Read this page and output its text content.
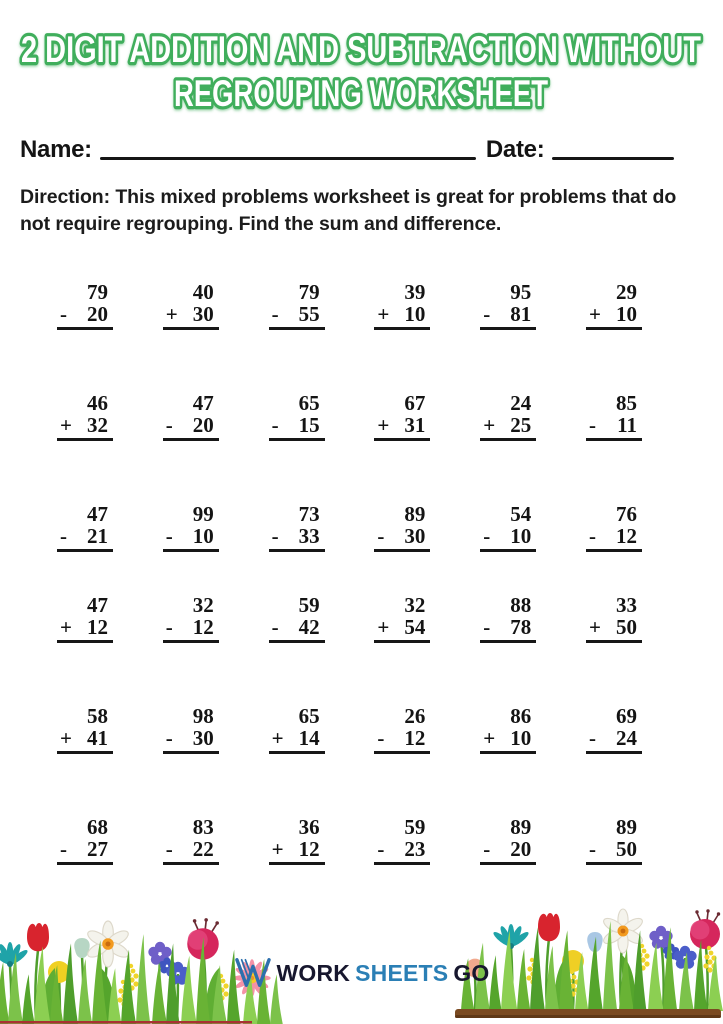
2 DIGIT ADDITION AND SUBTRACTION WITHOUT
REGROUPING WORKSHEET
Name:	Date:

Direction: This mixed problems worksheet is great for problems that do not require regrouping. Find the sum and difference.

79
- 20
40
+ 30
79
- 55
39
+ 10
95
- 81
29
+ 10
46
+ 32
47
- 20
65
- 15
67
+ 31
24
+ 25
85
- 11
47
- 21
99
- 10
73
- 33
89
- 30
54
- 10
76
- 12
47
+ 12
32
- 12
59
- 42
32
+ 54
88
- 78
33
+ 50
58
+ 41
98
- 30
65
+ 14
26
- 12
86
+ 10
69
- 24
68
- 27
83
- 22
36
+ 12
59
- 23
89
- 20
89
- 50
WORK SHEETS GO
